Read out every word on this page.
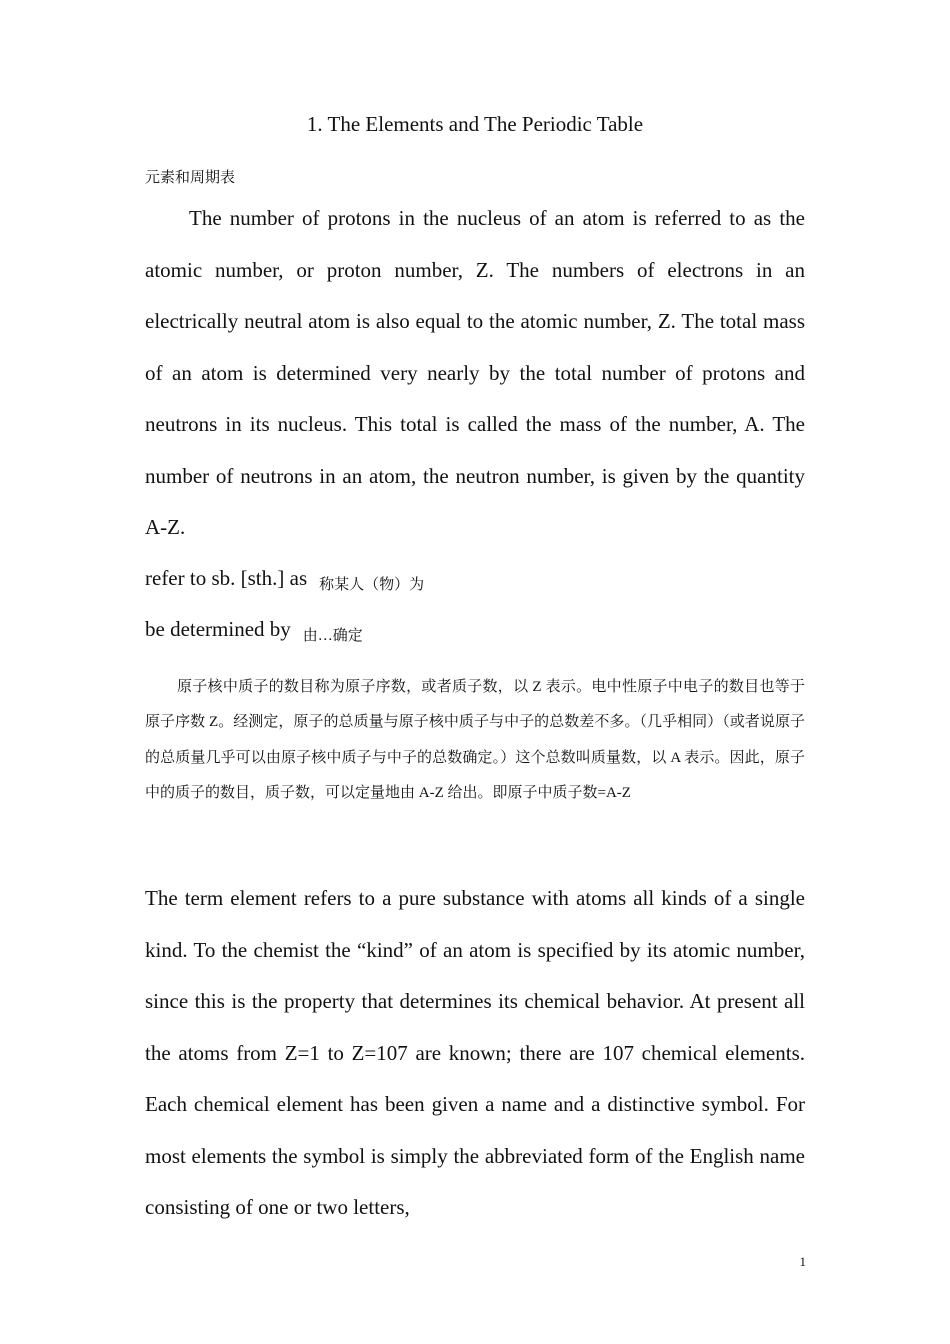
1. The Elements and The Periodic Table
元素和周期表

The number of protons in the nucleus of an atom is referred to as the atomic number, or proton number, Z. The numbers of electrons in an electrically neutral atom is also equal to the atomic number, Z. The total mass of an atom is determined very nearly by the total number of protons and neutrons in its nucleus. This total is called the mass of the number, A. The number of neutrons in an atom, the neutron number, is given by the quantity A-Z.

refer to sb. [sth.] as 称某人（物）为
be determined by 由…确定

原子核中质子的数目称为原子序数，或者质子数，以 Z 表示。电中性原子中电子的数目也等于原子序数 Z。经测定，原子的总质量与原子核中质子与中子的总数差不多。（几乎相同）（或者说原子的总质量几乎可以由原子核中质子与中子的总数确定。）这个总数叫质量数，以 A 表示。因此，原子中的质子的数目，质子数，可以定量地由 A-Z 给出。即原子中质子数=A-Z

The term element refers to a pure substance with atoms all kinds of a single kind. To the chemist the “kind” of an atom is specified by its atomic number, since this is the property that determines its chemical behavior. At present all the atoms from Z=1 to Z=107 are known; there are 107 chemical elements. Each chemical element has been given a name and a distinctive symbol. For most elements the symbol is simply the abbreviated form of the English name consisting of one or two letters,

1
